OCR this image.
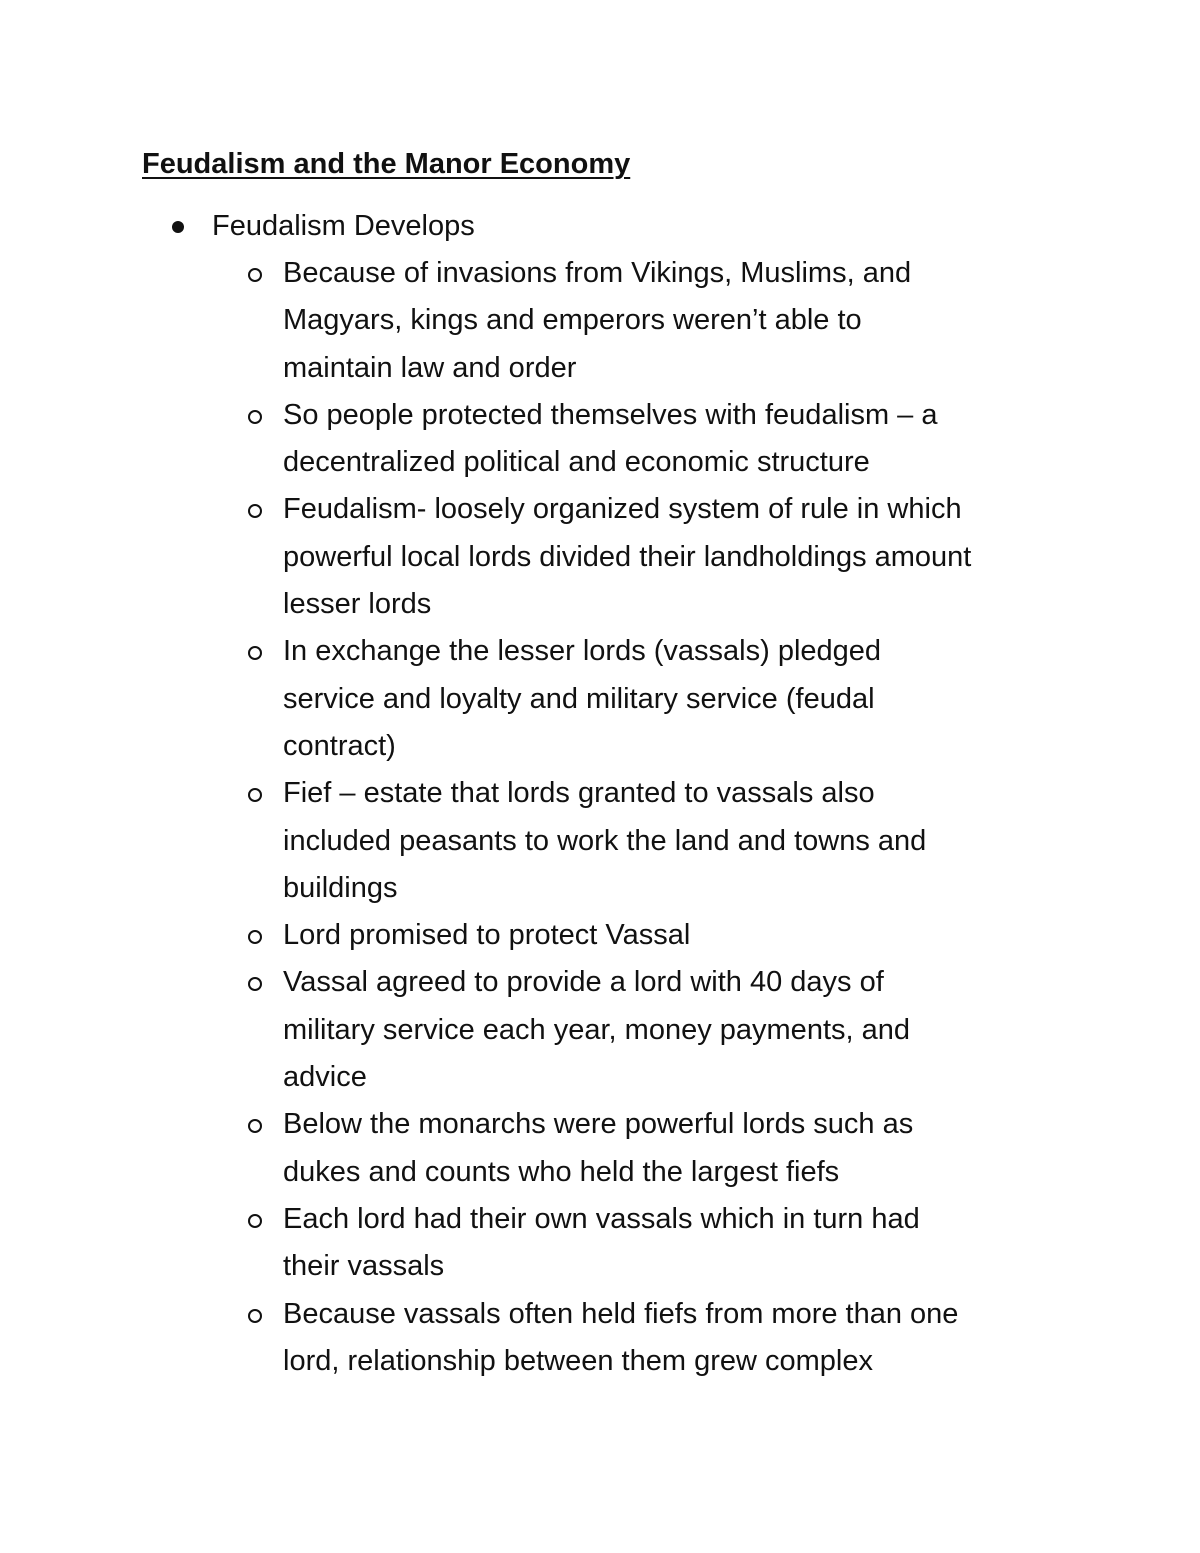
Feudalism and the Manor Economy
Feudalism Develops
Because of invasions from Vikings, Muslims, and Magyars, kings and emperors weren’t able to maintain law and order
So people protected themselves with feudalism – a decentralized political and economic structure
Feudalism- loosely organized system of rule in which powerful local lords divided their landholdings amount lesser lords
In exchange the lesser lords (vassals) pledged service and loyalty and military service (feudal contract)
Fief – estate that lords granted to vassals also included peasants to work the land and towns and buildings
Lord promised to protect Vassal
Vassal agreed to provide a lord with 40 days of military service each year, money payments, and advice
Below the monarchs were powerful lords such as dukes and counts who held the largest fiefs
Each lord had their own vassals which in turn had their vassals
Because vassals often held fiefs from more than one lord, relationship between them grew complex
